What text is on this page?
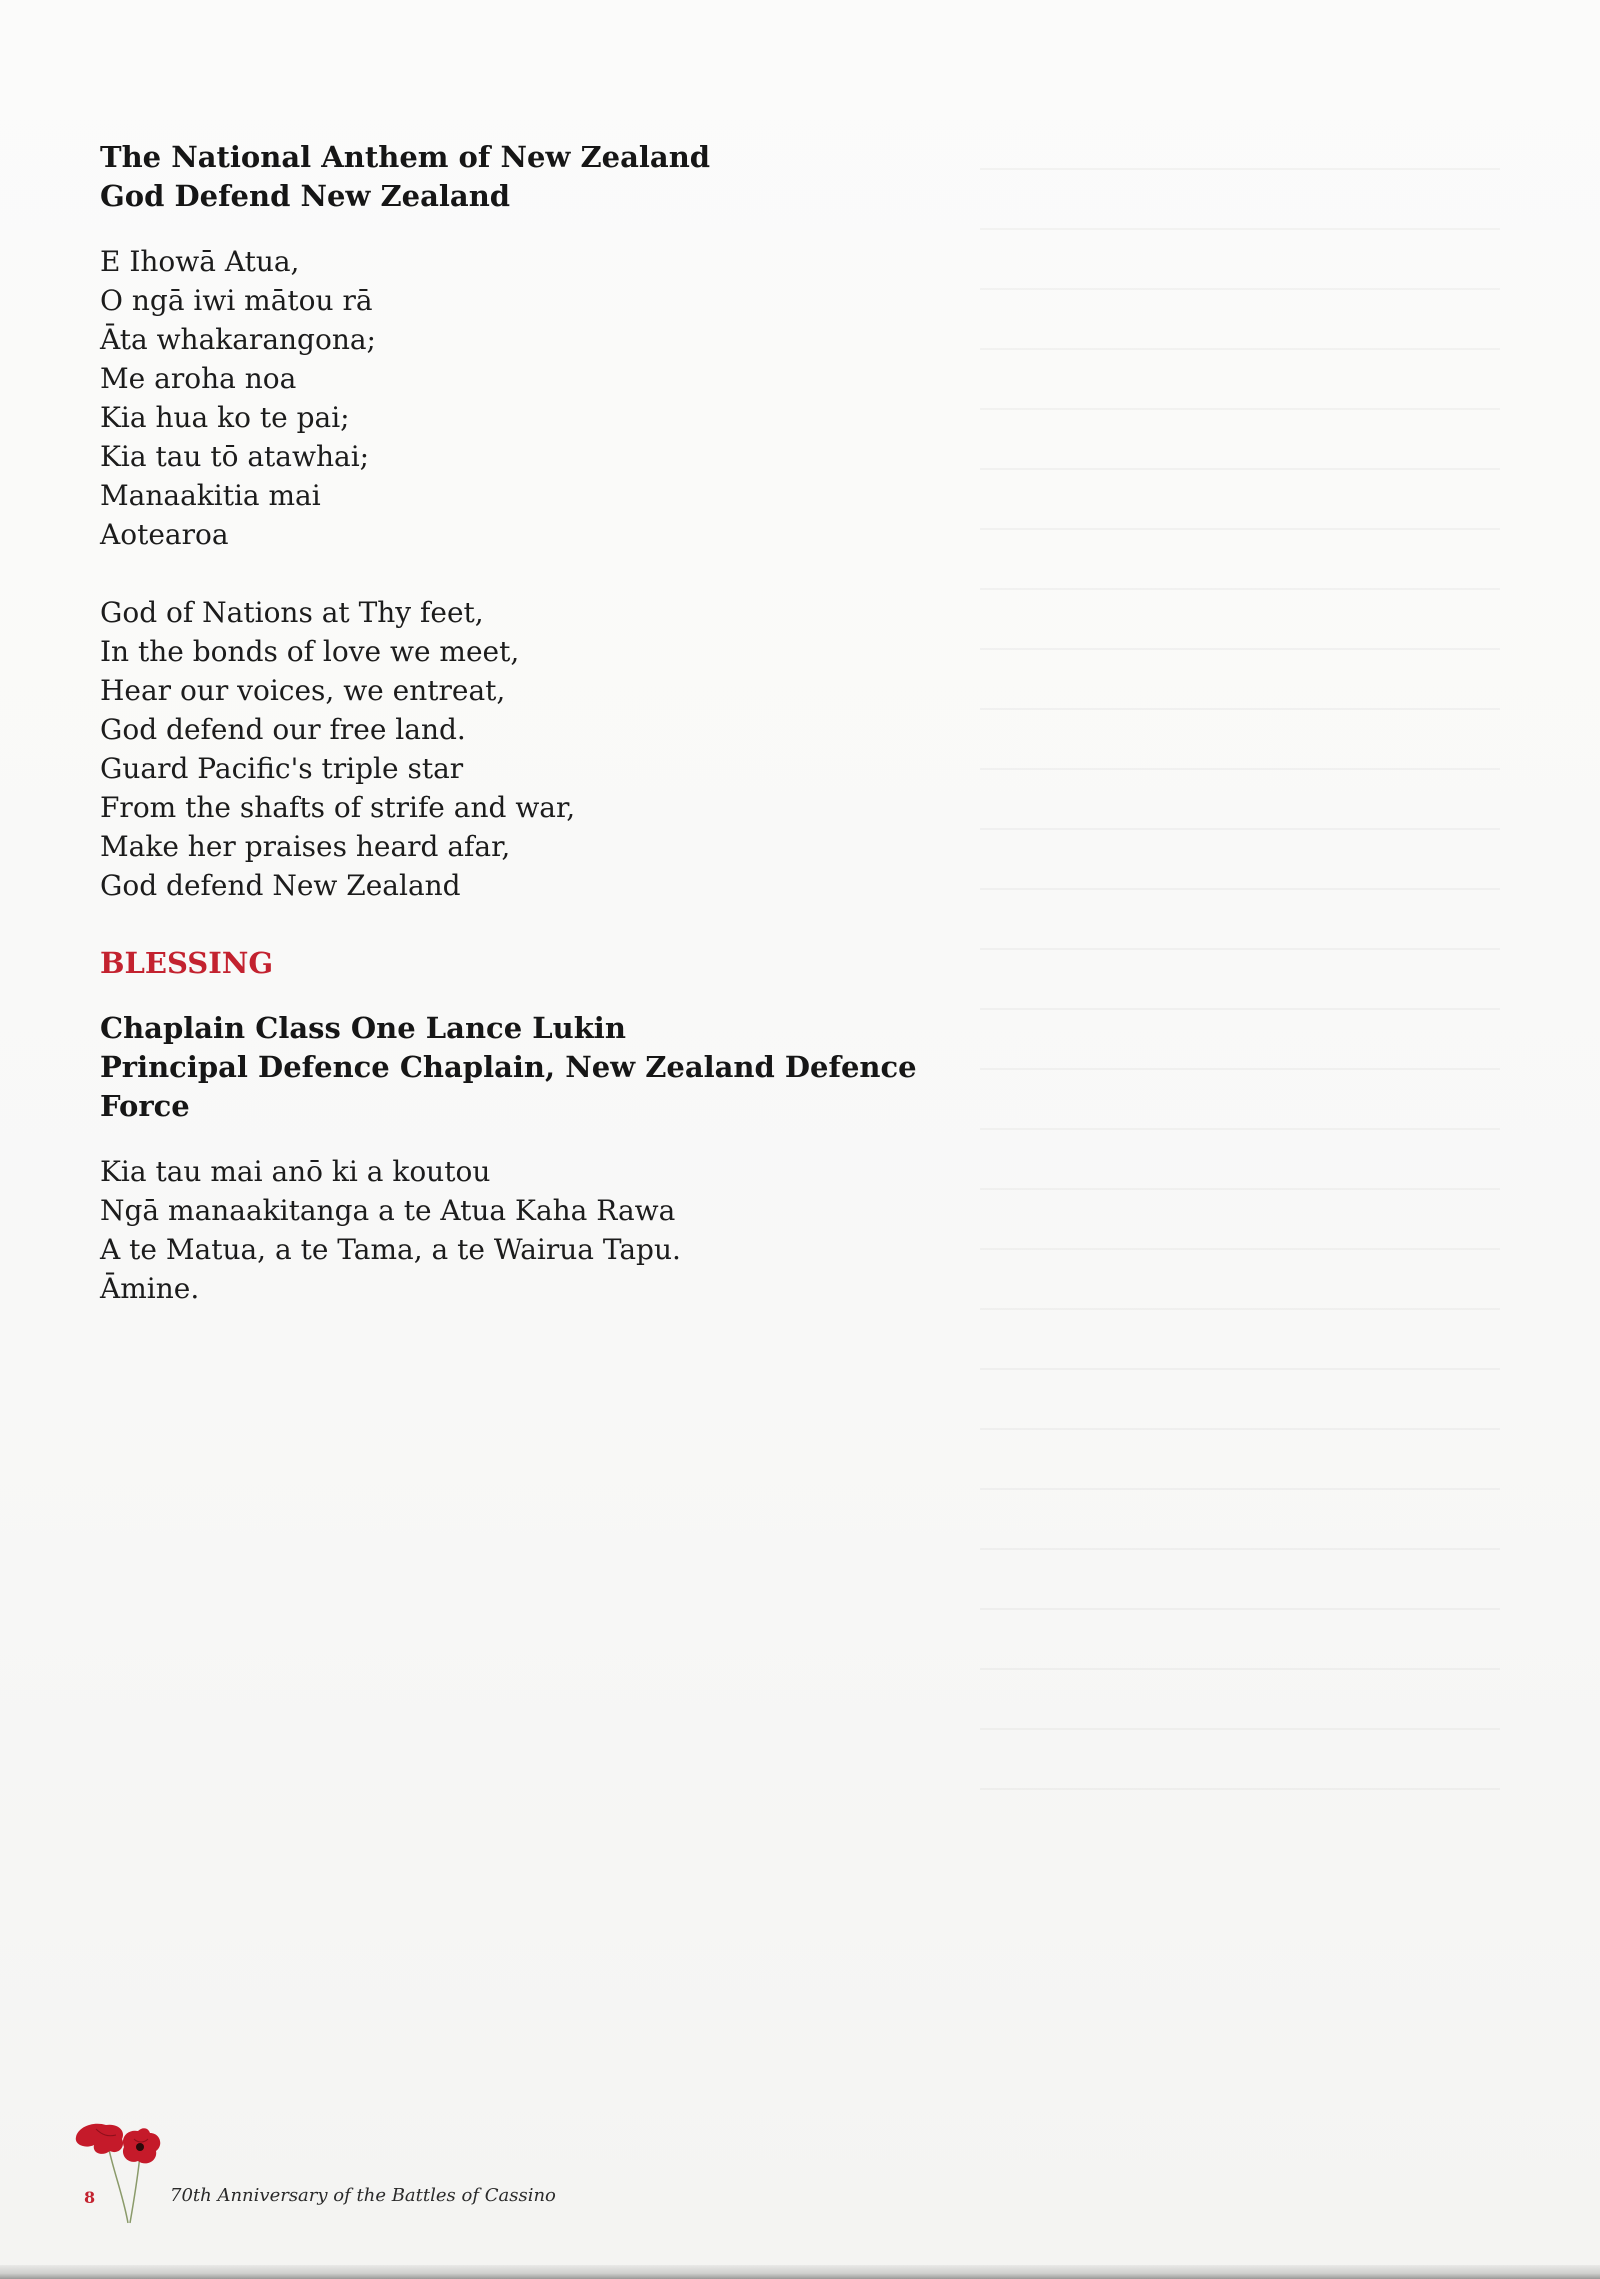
The National Anthem of New Zealand
God Defend New Zealand

E Ihowā Atua,
O ngā iwi mātou rā
Āta whakarangona;
Me aroha noa
Kia hua ko te pai;
Kia tau tō atawhai;
Manaakitia mai
Aotearoa

God of Nations at Thy feet,
In the bonds of love we meet,
Hear our voices, we entreat,
God defend our free land.
Guard Pacific's triple star
From the shafts of strife and war,
Make her praises heard afar,
God defend New Zealand

BLESSING
Chaplain Class One Lance Lukin
Principal Defence Chaplain, New Zealand Defence Force

Kia tau mai anō ki a koutou
Ngā manaakitanga a te Atua Kaha Rawa
A te Matua, a te Tama, a te Wairua Tapu.
Āmine.

8	70th Anniversary of the Battles of Cassino
